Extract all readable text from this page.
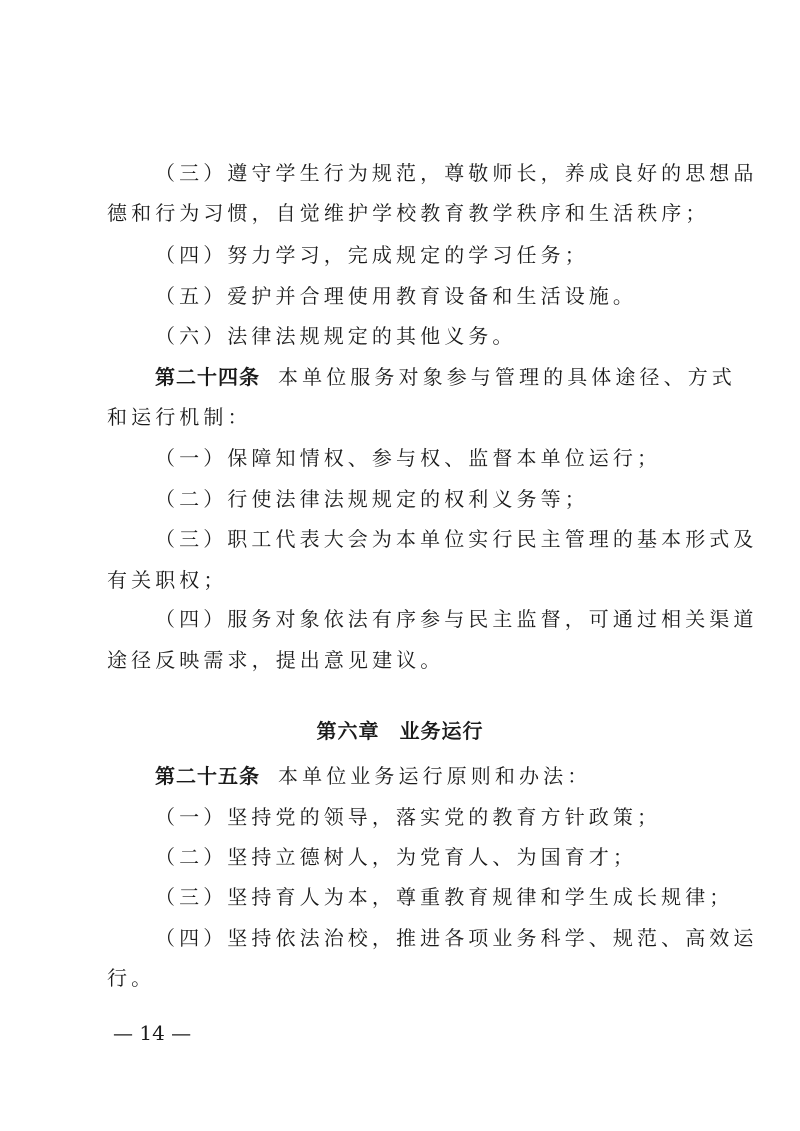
（三）遵守学生行为规范，尊敬师长，养成良好的思想品
德和行为习惯，自觉维护学校教育教学秩序和生活秩序；
（四）努力学习，完成规定的学习任务；
（五）爱护并合理使用教育设备和生活设施。
（六）法律法规规定的其他义务。
第二十四条 本单位服务对象参与管理的具体途径、方式
和运行机制：
（一）保障知情权、参与权、监督本单位运行；
（二）行使法律法规规定的权利义务等；
（三）职工代表大会为本单位实行民主管理的基本形式及
有关职权；
（四）服务对象依法有序参与民主监督，可通过相关渠道
途径反映需求，提出意见建议。
第六章 业务运行
第二十五条 本单位业务运行原则和办法：
（一）坚持党的领导，落实党的教育方针政策；
（二）坚持立德树人，为党育人、为国育才；
（三）坚持育人为本，尊重教育规律和学生成长规律；
（四）坚持依法治校，推进各项业务科学、规范、高效运
行。
— 14 —
